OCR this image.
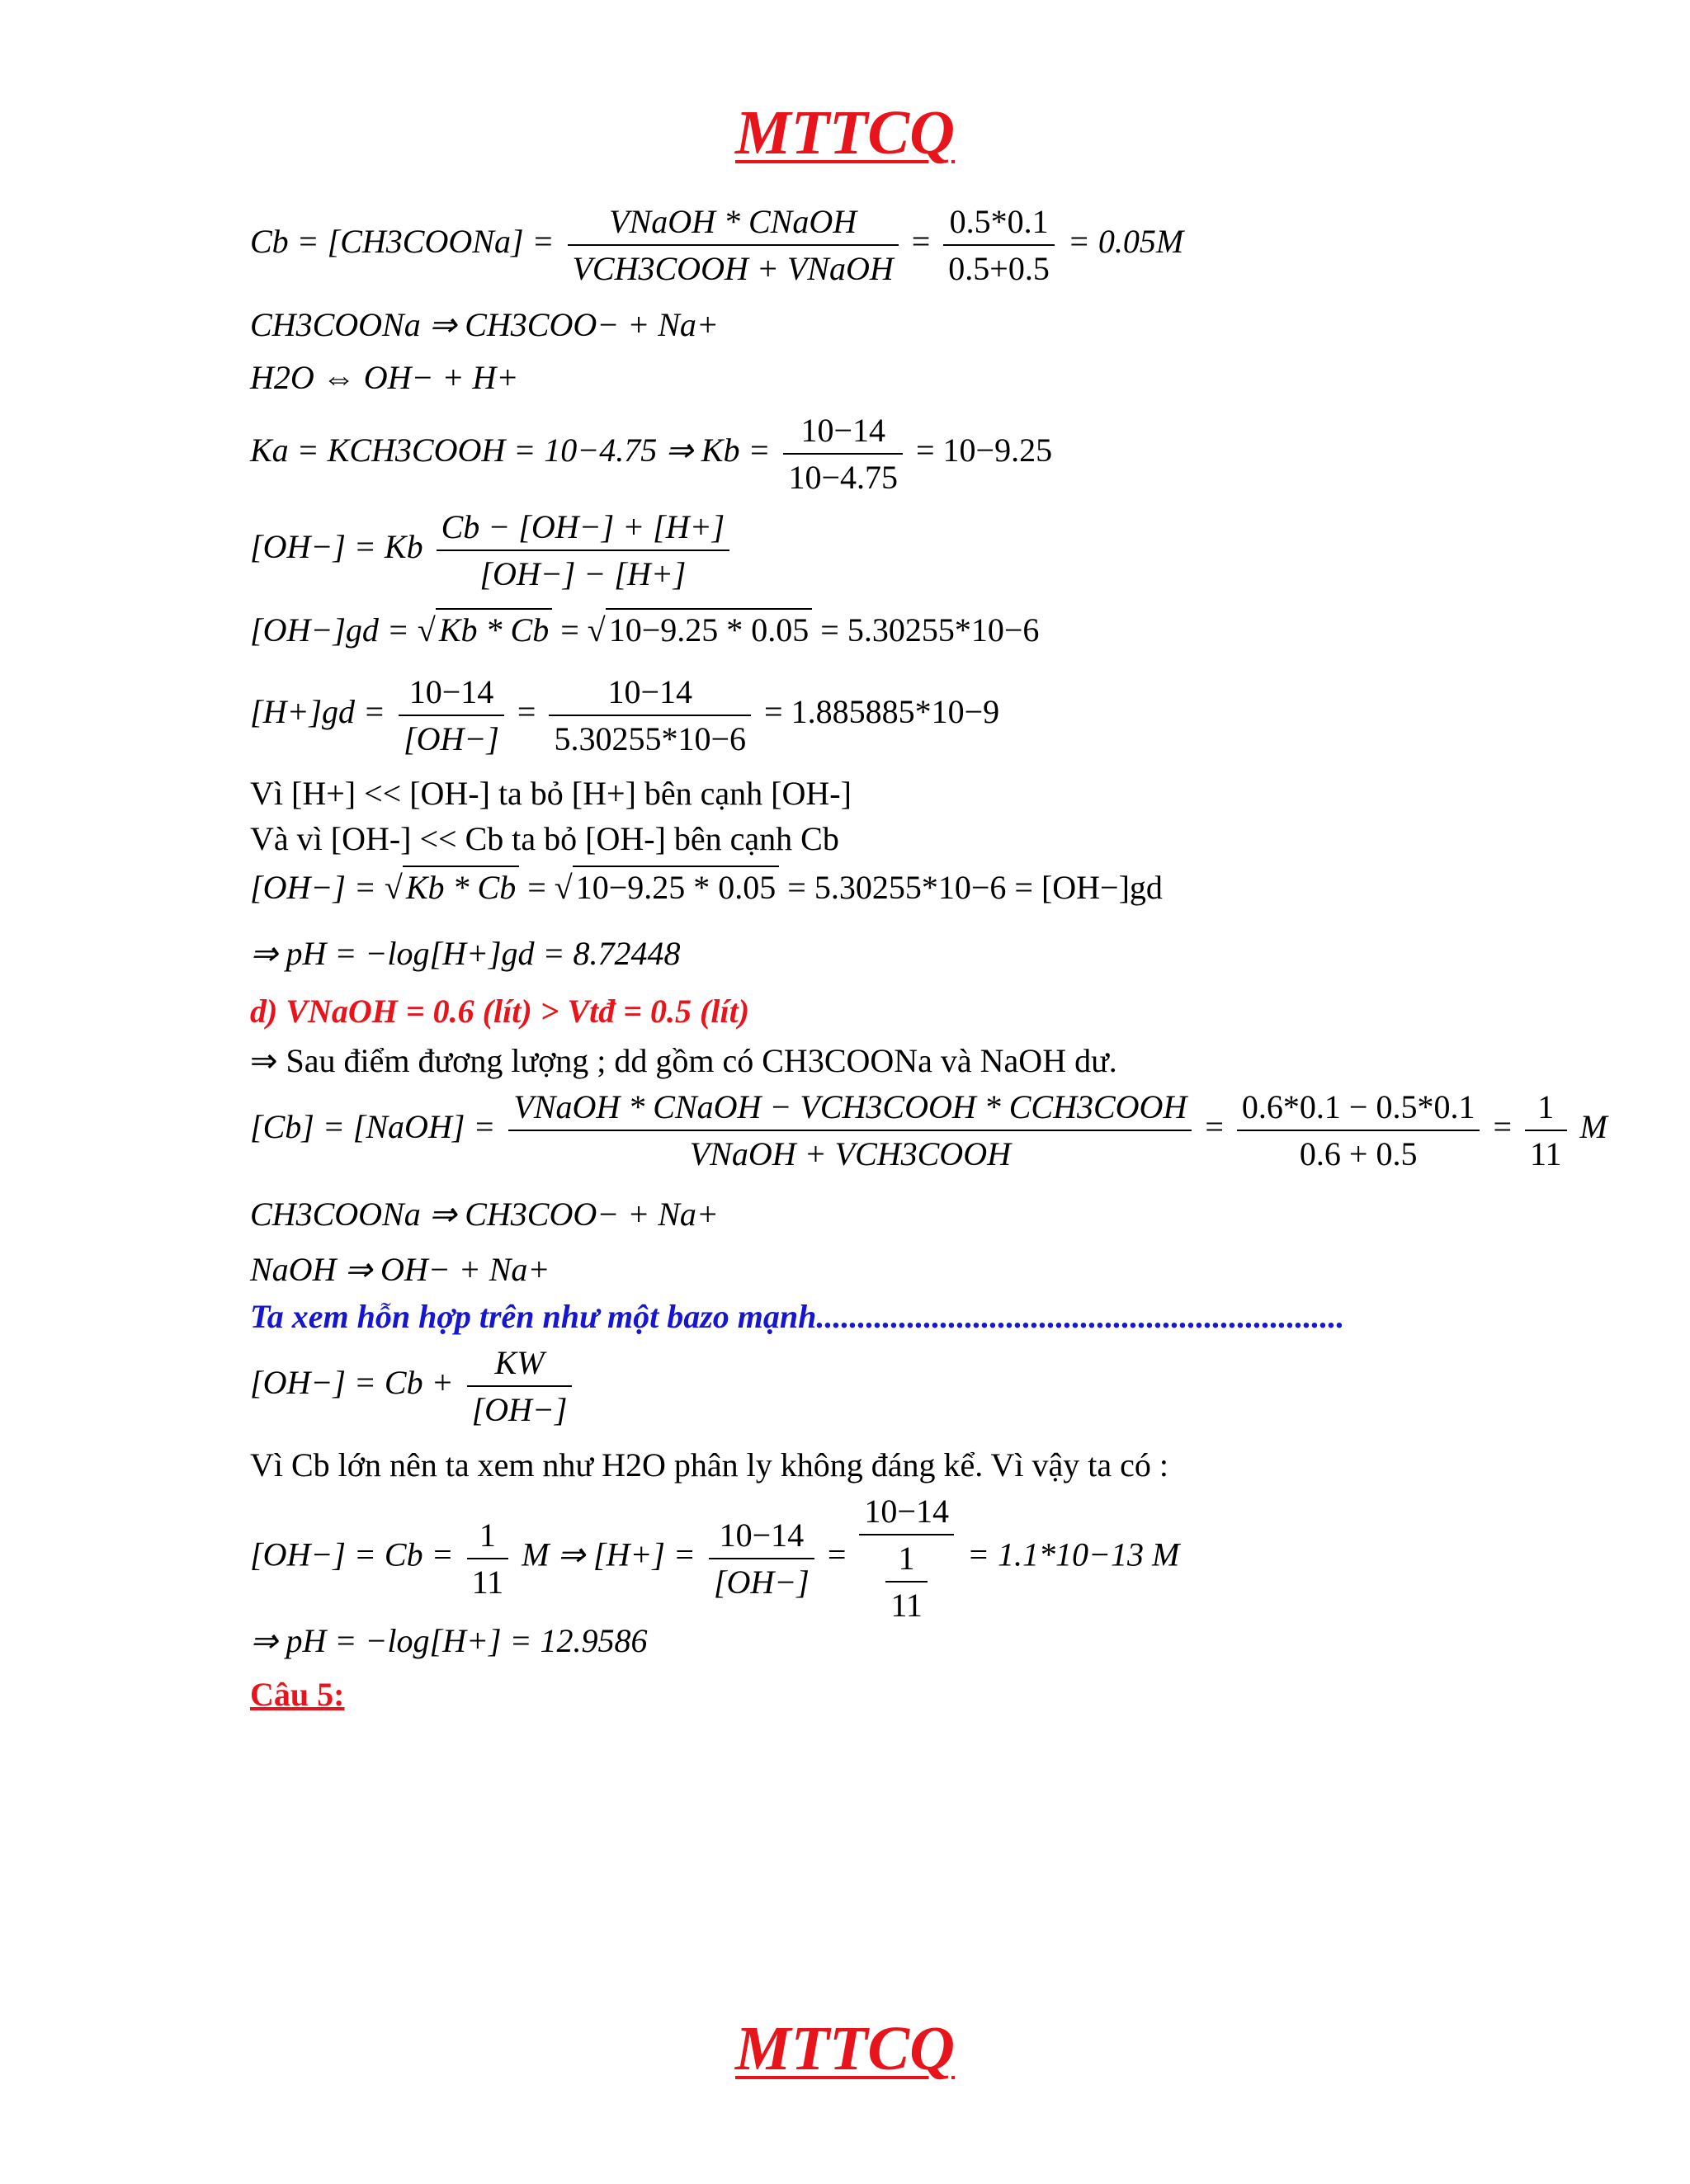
MTTCQ
Cb = [CH3COONa] = $\frac{\text{VNaOH * CNaOH}}{\text{VCH3COOH + VNaOH}} = \frac{0.5*0.1}{0.5+0.5} = 0.05M$
CH3COONa ⇒ CH3COO− + Na+
H2O ⇔ OH− + H+
Ka = KCH3COOH = 10−4.75 ⇒ $Kb = \frac{10-14}{10-4.75} = 10-9.25$
[OH−] = Kb $\frac{Cb - [OH-] + [H+]}{[OH-] - [H+]}$
[OH−]gd = √ Kb * Cb = √ 10−9.25 * 0.05 = 5.30255*10−6
$[H+]gd = \frac{10-14}{[OH-]} = \frac{10-14}{5.30255*10-6} = 1.885885*10-9$
Vì [H+] << [OH-] ta bỏ [H+] bên cạnh [OH-]
Và vì [OH-] << Cb ta bỏ [OH-] bên cạnh Cb
[OH−] = √ Kb * Cb = √ 10−9.25 * 0.05 = 5.30255*10−6 = [OH−]gd
⇒ pH = −log[H+]gd = 8.72448
d) VNaOH = 0.6 (lít) > Vtđ = 0.5 (lít)
⇒ Sau điểm đương lượng ; dd gồm có CH3COONa và NaOH dư.
[Cb] = [NaOH] = $\frac{\text{VNaOH * CNaOH − VCH3COOH * CCH3COOH}}{\text{VNaOH + VCH3COOH}} = \frac{0.6*0.1 - 0.5*0.1}{0.6 + 0.5} = \frac{1}{11}$ M
CH3COONa ⇒ CH3COO− + Na+
NaOH ⇒ OH− + Na+
Ta xem hỗn hợp trên như một bazo mạnh................................................................
$[OH-] = Cb + \frac{KW}{[OH-]}$
Vì Cb lớn nên ta xem như H2O phân ly không đáng kể. Vì vậy ta có :
$[OH-] = Cb = \frac{1}{11}$ M ⇒ $[H+] = \frac{10-14}{[OH-]} = \frac{10-14}{\frac{1}{11}} = 1.1*10-13$ M
⇒ pH = −log[H+] = 12.9586
Câu 5:
MTTCQ
